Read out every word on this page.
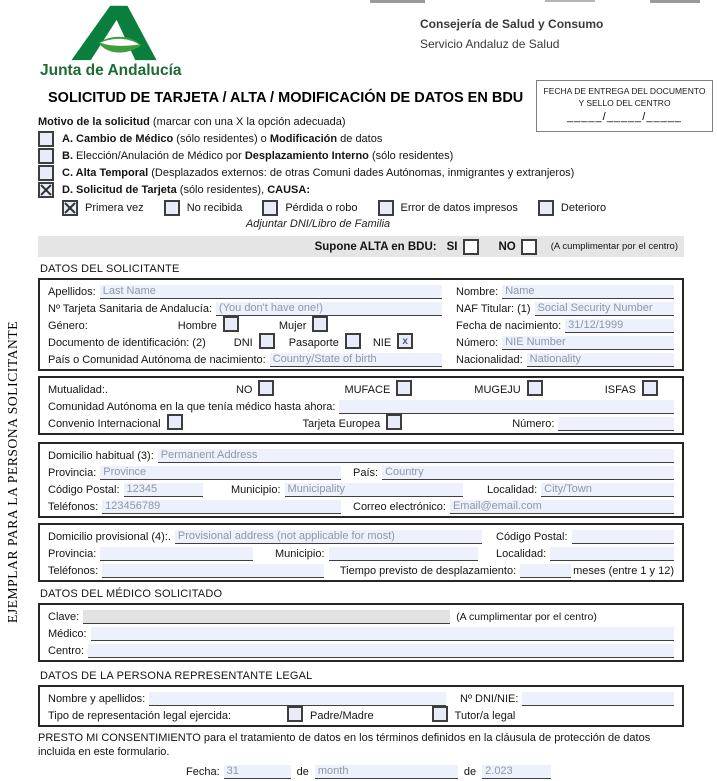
Junta de Andalucía
Consejería de Salud y Consumo
Servicio Andaluz de Salud
FECHA DE ENTREGA DEL DOCUMENTO
Y SELLO DEL CENTRO
_____/_____/_____
EJEMPLAR PARA LA PERSONA SOLICITANTE
SOLICITUD DE TARJETA / ALTA / MODIFICACIÓN DE DATOS EN BDU
Motivo de la solicitud (marcar con una X la opción adecuada)
A. Cambio de Médico (sólo residentes) o Modificación de datos
B. Elección/Anulación de Médico por Desplazamiento Interno (sólo residentes)
C. Alta Temporal (Desplazados externos: de otras Comuni dades Autónomas, inmigrantes y extranjeros)
D. Solicitud de Tarjeta (sólo residentes), CAUSA:
Primera vez	No recibida	Pérdida o robo	Error de datos impresos	Deterioro
Adjuntar DNI/Libro de Familia
Supone ALTA en BDU: SI	NO	(A cumplimentar por el centro)
DATOS DEL SOLICITANTE
Apellidos: Last Name	Nombre: Name
Nº Tarjeta Sanitaria de Andalucía: (You don't have one!)	NAF Titular: (1) Social Security Number
Género:	Hombre	Mujer	Fecha de nacimiento: 31/12/1999
Documento de identificación: (2)	DNI	Pasaporte	NIE	x	Número: NIE Number
País o Comunidad Autónoma de nacimiento: Country/State of birth	Nacionalidad: Nationality
Mutualidad:.	NO	MUFACE	MUGEJU	ISFAS
Comunidad Autónoma en la que tenía médico hasta ahora:
Convenio Internacional	Tarjeta Europea	Número:
Domicilio habitual (3): Permanent Address
Provincia: Province	País: Country
Código Postal: 12345	Municipio: Municipality	Localidad: City/Town
Teléfonos: 123456789	Correo electrónico: Email@email.com
Domicilio provisional (4):. Provisional address (not applicable for most)	Código Postal:
Provincia:	Municipio:	Localidad:
Teléfonos:	Tiempo previsto de desplazamiento:	meses (entre 1 y 12)
DATOS DEL MÉDICO SOLICITADO
Clave:	(A cumplimentar por el centro)
Médico:
Centro:
DATOS DE LA PERSONA REPRESENTANTE LEGAL
Nombre y apellidos:	Nº DNI/NIE:
Tipo de representación legal ejercida:	Padre/Madre	Tutor/a legal
PRESTO MI CONSENTIMIENTO para el tratamiento de datos en los términos definidos en la cláusula de protección de datos incluida en este formulario.
Fecha: 31	de month	de 2.023
